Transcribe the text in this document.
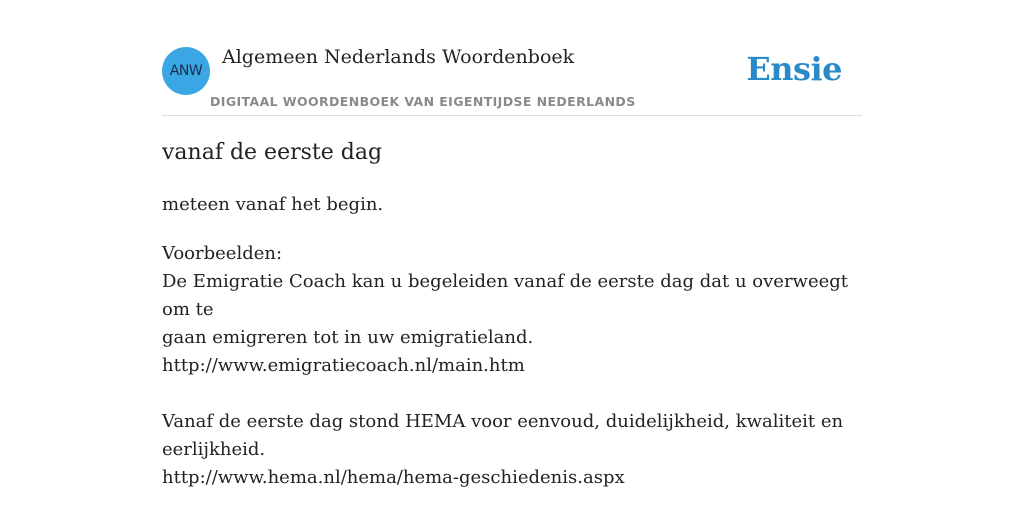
ANW
Algemeen Nederlands Woordenboek
DIGITAAL WOORDENBOEK VAN EIGENTIJDSE NEDERLANDS
Ensie
vanaf de eerste dag
meteen vanaf het begin.
Voorbeelden:
De Emigratie Coach kan u begeleiden vanaf de eerste dag dat u overweegt om te
gaan emigreren tot in uw emigratieland.
http://www.emigratiecoach.nl/main.htm
Vanaf de eerste dag stond HEMA voor eenvoud, duidelijkheid, kwaliteit en
eerlijkheid.
http://www.hema.nl/hema/hema-geschiedenis.aspx
